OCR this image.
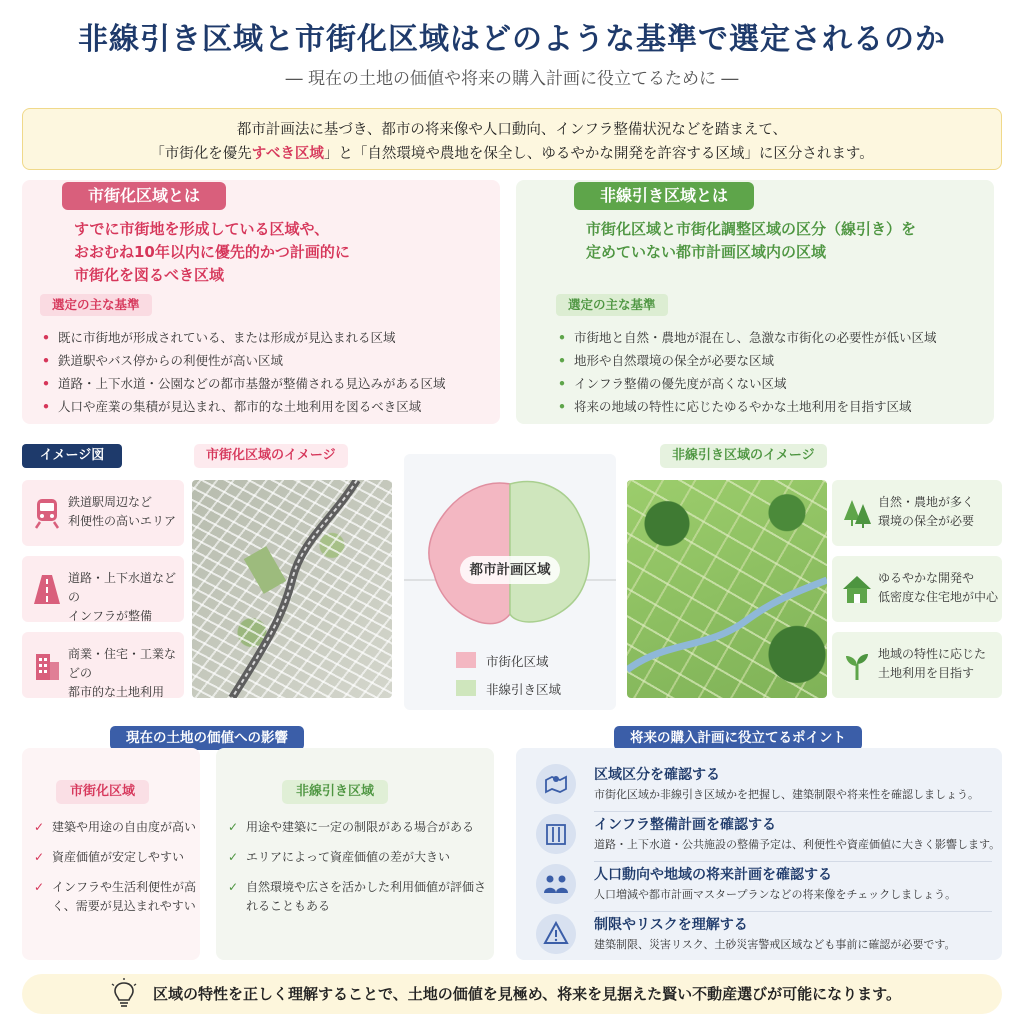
非線引き区域と市街化区域はどのような基準で選定されるのか
― 現在の土地の価値や将来の購入計画に役立てるために ―
都市計画法に基づき、都市の将来像や人口動向、インフラ整備状況などを踏まえて、
「市街化を優先すべき区域」と「自然環境や農地を保全し、ゆるやかな開発を許容する区域」に区分されます。
市街化区域とは
すでに市街地を形成している区域や、
おおむね10年以内に優先的かつ計画的に
市街化を図るべき区域
選定の主な基準
• 既に市街地が形成されている、または形成が見込まれる区域
• 鉄道駅やバス停からの利便性が高い区域
• 道路・上下水道・公園などの都市基盤が整備される見込みがある区域
• 人口や産業の集積が見込まれ、都市的な土地利用を図るべき区域
非線引き区域とは
市街化区域と市街化調整区域の区分（線引き）を
定めていない都市計画区域内の区域
選定の主な基準
• 市街地と自然・農地が混在し、急激な市街化の必要性が低い区域
• 地形や自然環境の保全が必要な区域
• インフラ整備の優先度が高くない区域
• 将来の地域の特性に応じたゆるやかな土地利用を目指す区域
イメージ図	市街化区域のイメージ	非線引き区域のイメージ
鉄道駅周辺など
利便性の高いエリア
道路・上下水道などの
インフラが整備
商業・住宅・工業などの
都市的な土地利用
都市計画区域
市街化区域
非線引き区域
自然・農地が多く
環境の保全が必要
ゆるやかな開発や
低密度な住宅地が中心
地域の特性に応じた
土地利用を目指す
現在の土地の価値への影響
市街化区域
✓ 建築や用途の自由度が高い
✓ 資産価値が安定しやすい
✓ インフラや生活利便性が高く、需要が見込まれやすい
非線引き区域
✓ 用途や建築に一定の制限がある場合がある
✓ エリアによって資産価値の差が大きい
✓ 自然環境や広さを活かした利用価値が評価されることもある
将来の購入計画に役立てるポイント
区域区分を確認する
市街化区域か非線引き区域かを把握し、建築制限や将来性を確認しましょう。
インフラ整備計画を確認する
道路・上下水道・公共施設の整備予定は、利便性や資産価値に大きく影響します。
人口動向や地域の将来計画を確認する
人口増減や都市計画マスタープランなどの将来像をチェックしましょう。
制限やリスクを理解する
建築制限、災害リスク、土砂災害警戒区域なども事前に確認が必要です。
区域の特性を正しく理解することで、土地の価値を見極め、将来を見据えた賢い不動産選びが可能になります。
